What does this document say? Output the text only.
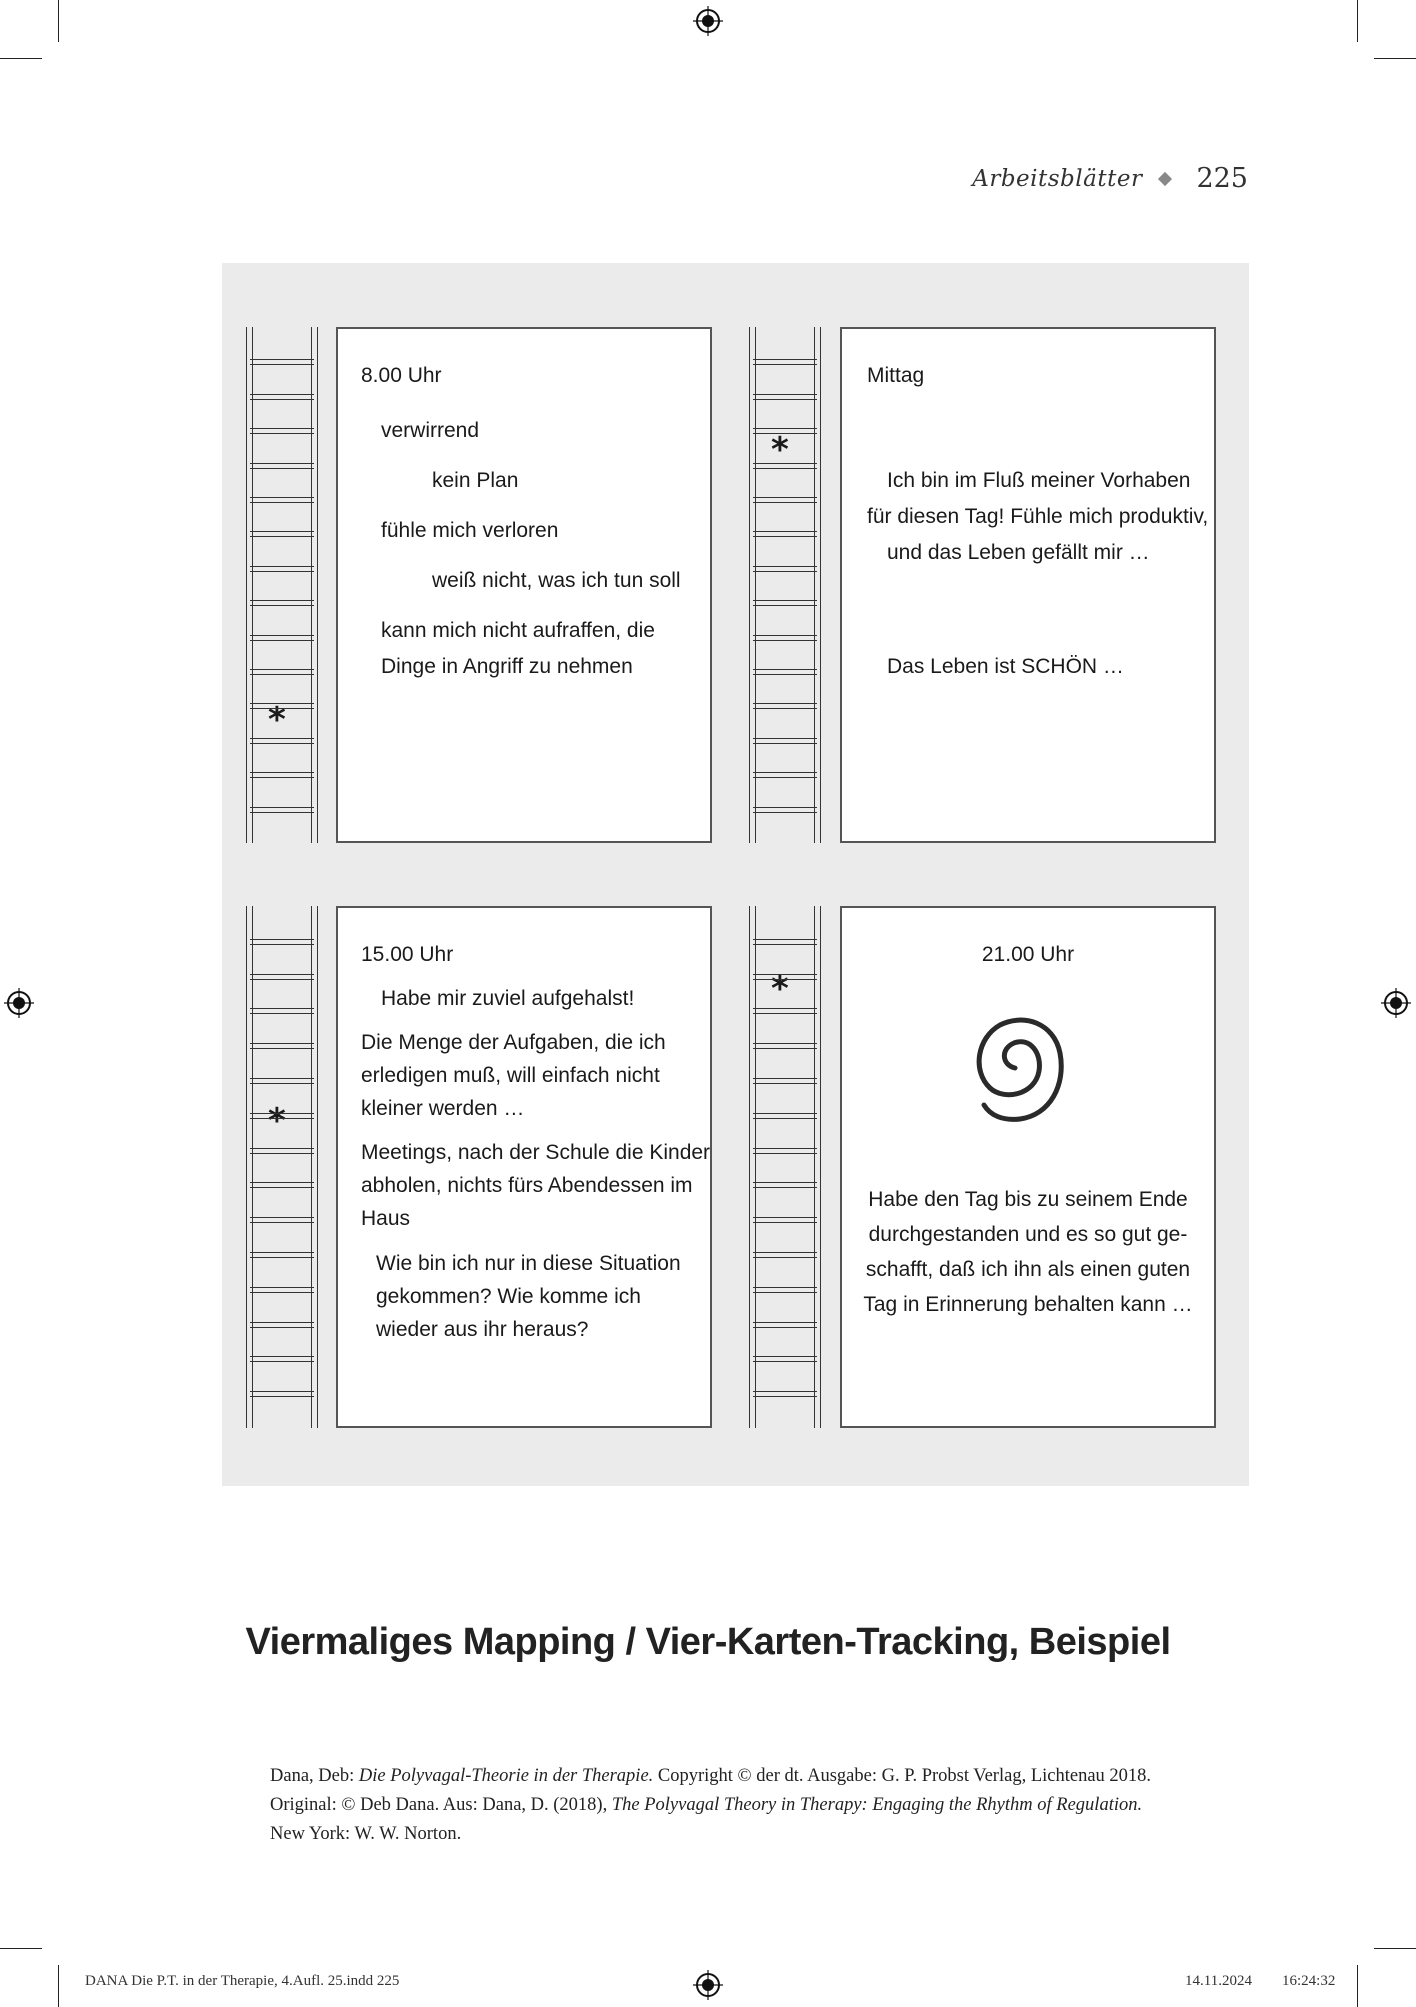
Arbeitsblätter 225
*
8.00 Uhr
verwirrend
kein Plan
fühle mich verloren
weiß nicht, was ich tun soll
kann mich nicht aufraffen, die
Dinge in Angriff zu nehmen
*
Mittag
Ich bin im Fluß meiner Vorhaben
für diesen Tag! Fühle mich produktiv,
und das Leben gefällt mir …
Das Leben ist SCHÖN …
*
15.00 Uhr
Habe mir zuviel aufgehalst!
Die Menge der Aufgaben, die ich
erledigen muß, will einfach nicht
kleiner werden …
Meetings, nach der Schule die Kinder
abholen, nichts fürs Abendessen im
Haus
Wie bin ich nur in diese Situation
gekommen? Wie komme ich
wieder aus ihr heraus?
*
21.00 Uhr
Habe den Tag bis zu seinem Ende
durchgestanden und es so gut ge-
schafft, daß ich ihn als einen guten
Tag in Erinnerung behalten kann …
Viermaliges Mapping / Vier-Karten-Tracking, Beispiel
Dana, Deb: Die Polyvagal-Theorie in der Therapie. Copyright © der dt. Ausgabe: G. P. Probst Verlag, Lichtenau 2018.
Original: © Deb Dana. Aus: Dana, D. (2018), The Polyvagal Theory in Therapy: Engaging the Rhythm of Regulation.
New York: W. W. Norton.
DANA Die P.T. in der Therapie, 4.Aufl. 25.indd 225	14.11.2024 16:24:32
